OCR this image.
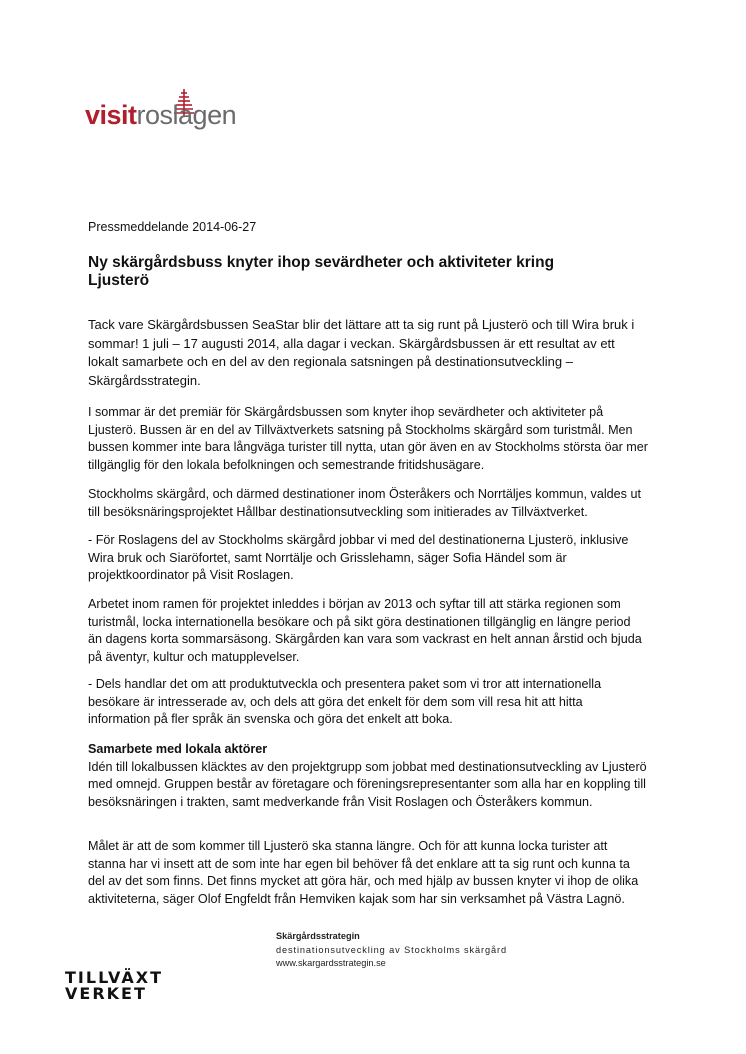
visitroslagen
Pressmeddelande 2014-06-27
Ny skärgårdsbuss knyter ihop sevärdheter och aktiviteter kring Ljusterö

Tack vare Skärgårdsbussen SeaStar blir det lättare att ta sig runt på Ljusterö och till Wira bruk i sommar! 1 juli – 17 augusti 2014, alla dagar i veckan. Skärgårdsbussen är ett resultat av ett lokalt samarbete och en del av den regionala satsningen på destinationsutveckling – Skärgårdsstrategin.

I sommar är det premiär för Skärgårdsbussen som knyter ihop sevärdheter och aktiviteter på Ljusterö. Bussen är en del av Tillväxtverkets satsning på Stockholms skärgård som turistmål. Men bussen kommer inte bara långväga turister till nytta, utan gör även en av Stockholms största öar mer tillgänglig för den lokala befolkningen och semestrande fritidshusägare.

Stockholms skärgård, och därmed destinationer inom Österåkers och Norrtäljes kommun, valdes ut till besöksnäringsprojektet Hållbar destinationsutveckling som initierades av Tillväxtverket.

- För Roslagens del av Stockholms skärgård jobbar vi med del destinationerna Ljusterö, inklusive Wira bruk och Siaröfortet, samt Norrtälje och Grisslehamn, säger Sofia Händel som är projektkoordinator på Visit Roslagen.

Arbetet inom ramen för projektet inleddes i början av 2013 och syftar till att stärka regionen som turistmål, locka internationella besökare och på sikt göra destinationen tillgänglig en längre period än dagens korta sommarsäsong. Skärgården kan vara som vackrast en helt annan årstid och bjuda på äventyr, kultur och matupplevelser.

- Dels handlar det om att produktutveckla och presentera paket som vi tror att internationella besökare är intresserade av, och dels att göra det enkelt för dem som vill resa hit att hitta information på fler språk än svenska och göra det enkelt att boka.

Samarbete med lokala aktörer

Idén till lokalbussen kläcktes av den projektgrupp som jobbat med destinationsutveckling av Ljusterö med omnejd. Gruppen består av företagare och föreningsrepresentanter som alla har en koppling till besöksnäringen i trakten, samt medverkande från Visit Roslagen och Österåkers kommun.

Målet är att de som kommer till Ljusterö ska stanna längre. Och för att kunna locka turister att stanna har vi insett att de som inte har egen bil behöver få det enklare att ta sig runt och kunna ta del av det som finns. Det finns mycket att göra här, och med hjälp av bussen knyter vi ihop de olika aktiviteterna, säger Olof Engfeldt från Hemviken kajak som har sin verksamhet på Västra Lagnö.

Skärgårdsstrategin
destinationsutveckling av Stockholms skärgård
www.skargardsstrategin.se
TILLVÄXT
VERKET
